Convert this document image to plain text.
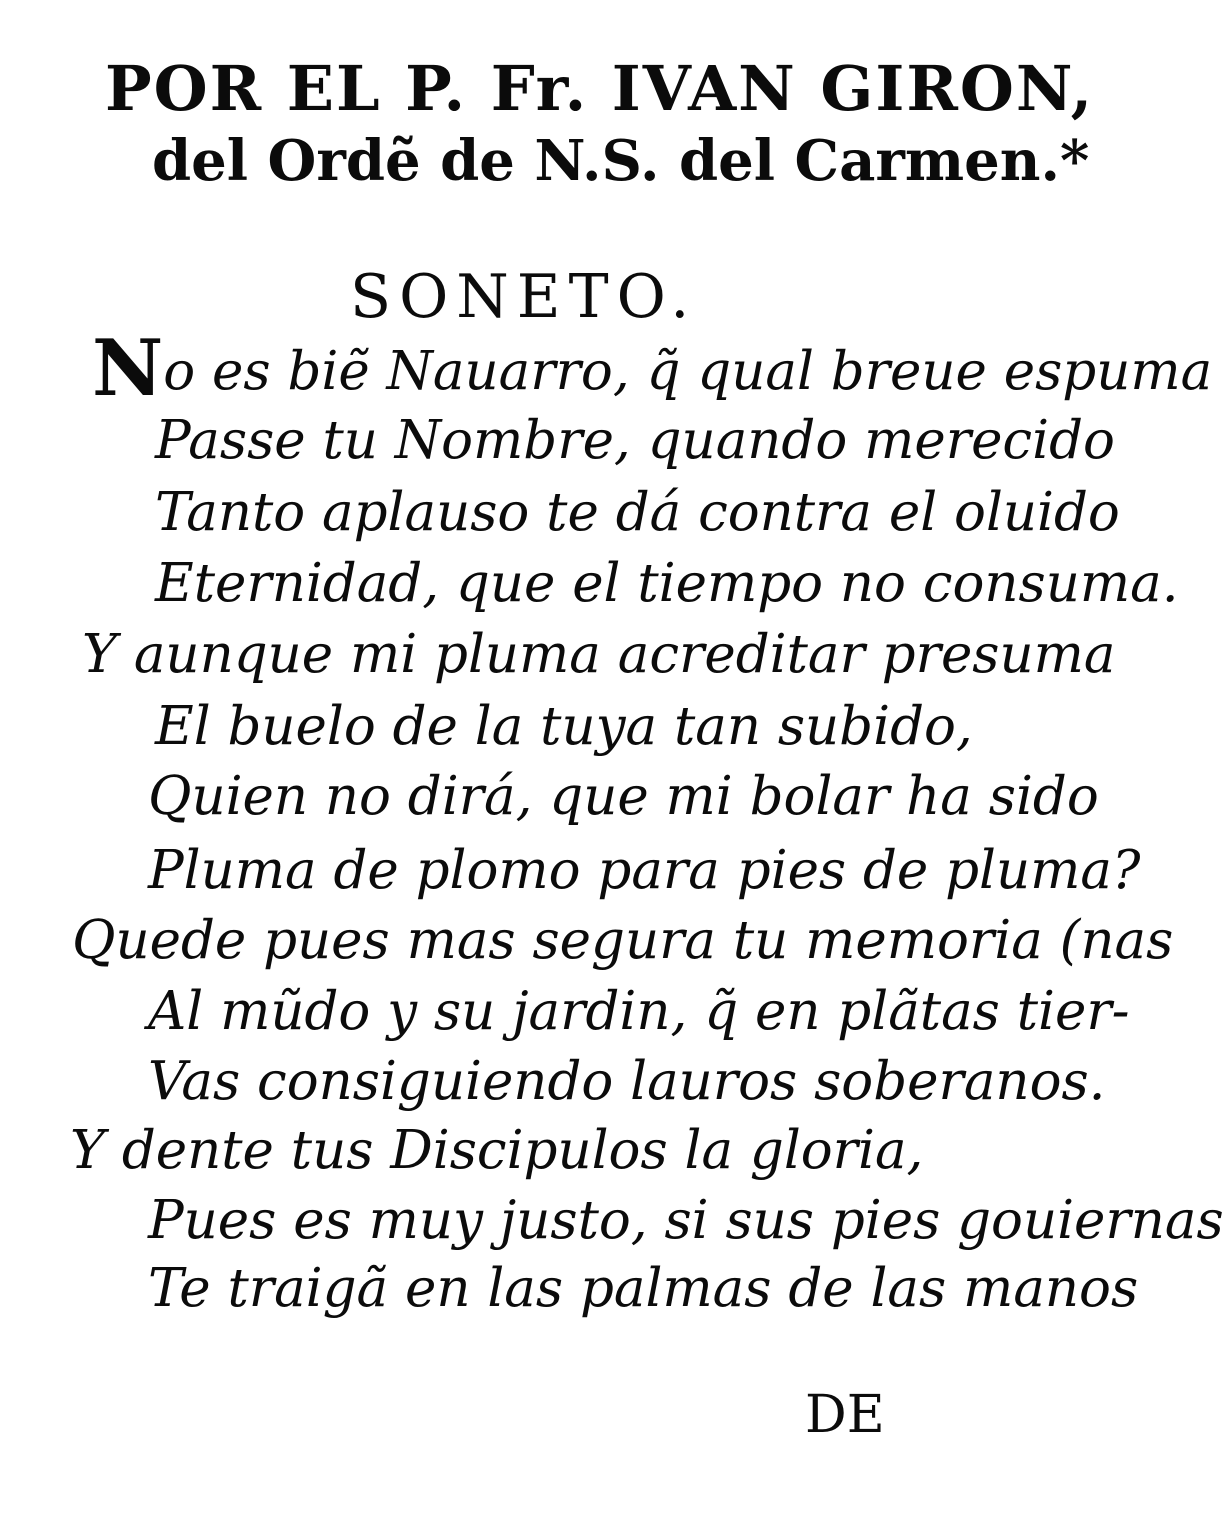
POR EL P. Fr. IVAN GIRON,
del Ordẽ de N.S. del Carmen.*
SONETO.
No es biẽ Nauarro, q̃ qual breue espuma
Passe tu Nombre, quando merecido
Tanto aplauso te dá contra el oluido
Eternidad, que el tiempo no consuma.
Y aunque mi pluma acreditar presuma
El buelo de la tuya tan subido,
Quien no dirá, que mi bolar ha sido
Pluma de plomo para pies de pluma?
Quede pues mas segura tu memoria (nas
Al mũdo y su jardin, q̃ en plãtas tier-
Vas consiguiendo lauros soberanos.
Y dente tus Discipulos la gloria,
Pues es muy justo, si sus pies gouiernas
Te traigã en las palmas de las manos
DE
